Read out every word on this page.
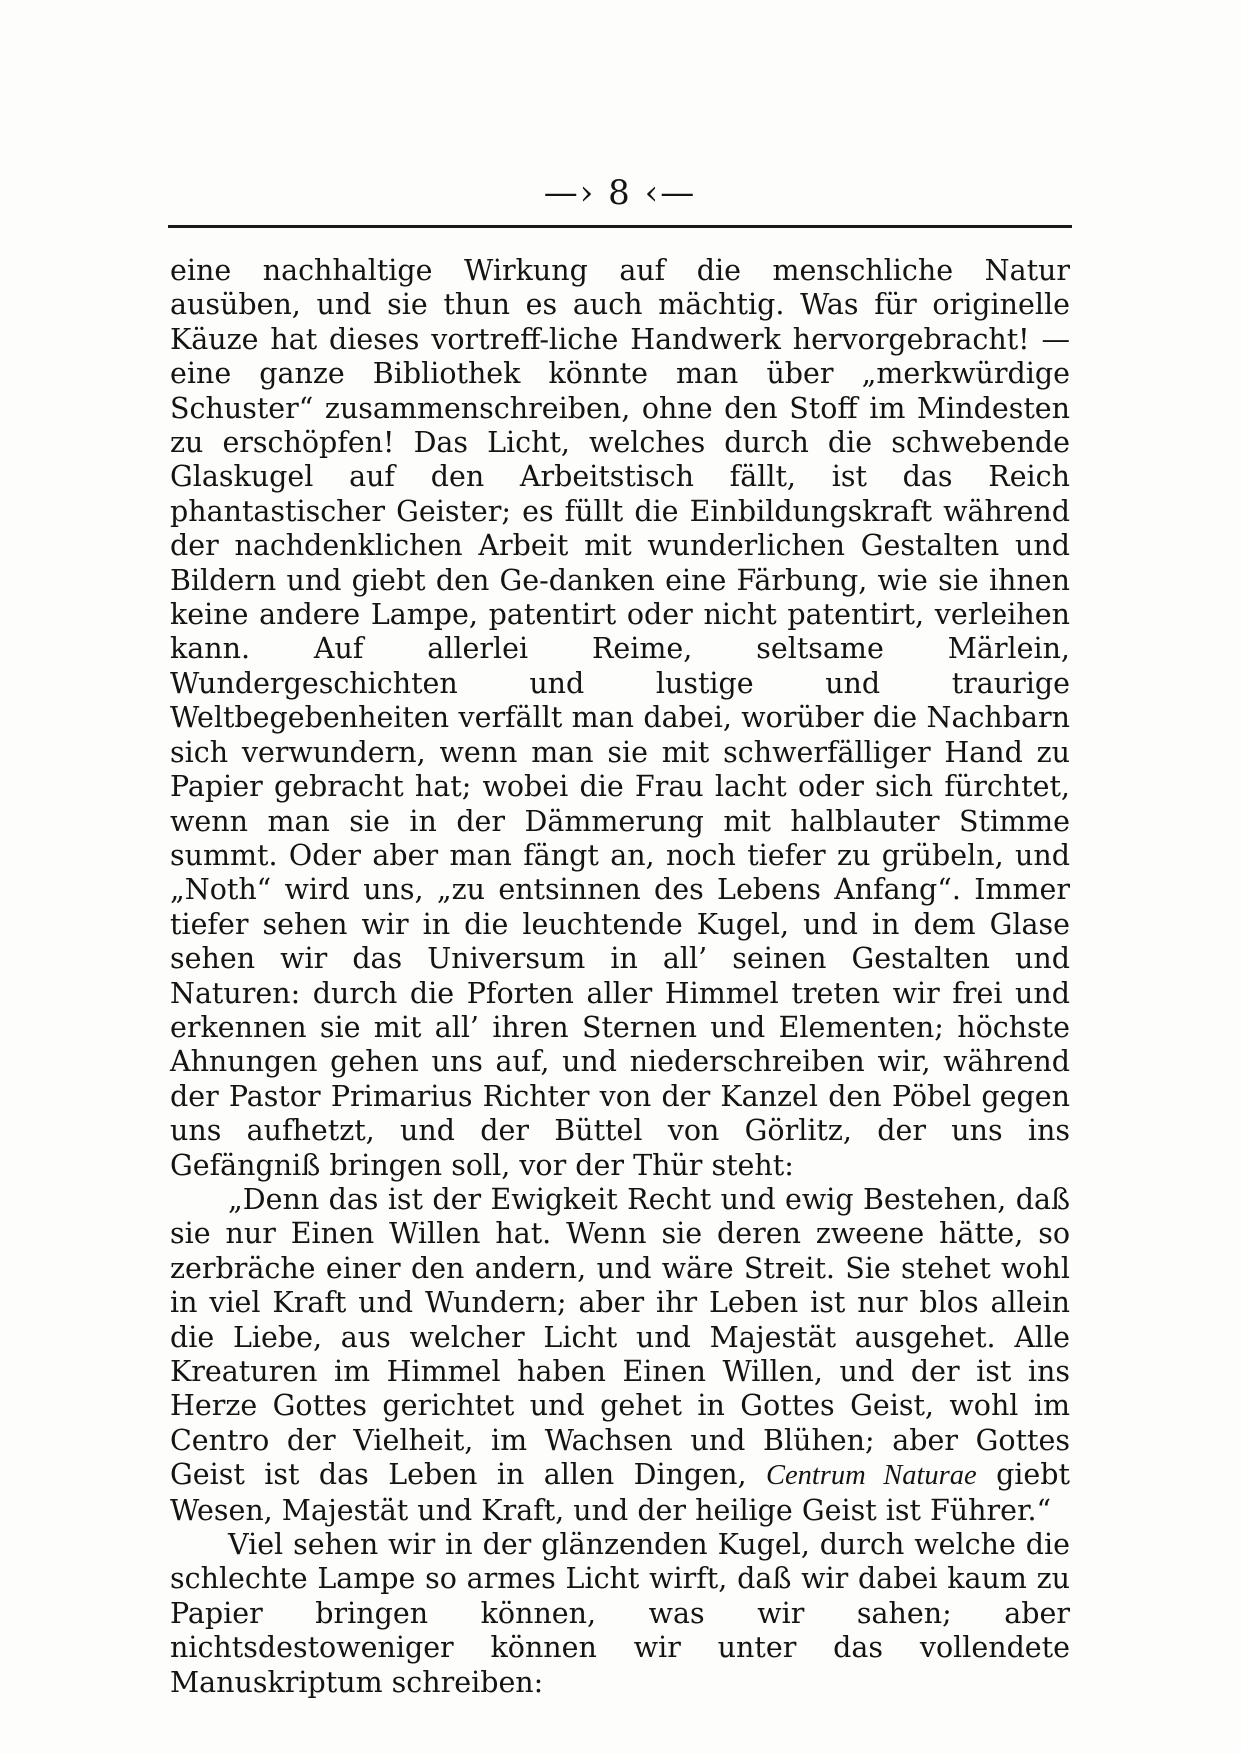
—› 8 ‹—

eine nachhaltige Wirkung auf die menschliche Natur ausüben, und sie thun es auch mächtig. Was für originelle Käuze hat dieses vortreff-liche Handwerk hervorgebracht! — eine ganze Bibliothek könnte man über „merkwürdige Schuster“ zusammenschreiben, ohne den Stoff im Mindesten zu erschöpfen! Das Licht, welches durch die schwebende Glaskugel auf den Arbeitstisch fällt, ist das Reich phantastischer Geister; es füllt die Einbildungskraft während der nachdenklichen Arbeit mit wunderlichen Gestalten und Bildern und giebt den Ge-danken eine Färbung, wie sie ihnen keine andere Lampe, patentirt oder nicht patentirt, verleihen kann. Auf allerlei Reime, seltsame Märlein, Wundergeschichten und lustige und traurige Weltbegebenheiten verfällt man dabei, worüber die Nachbarn sich verwundern, wenn man sie mit schwerfälliger Hand zu Papier gebracht hat; wobei die Frau lacht oder sich fürchtet, wenn man sie in der Dämmerung mit halblauter Stimme summt. Oder aber man fängt an, noch tiefer zu grübeln, und „Noth“ wird uns, „zu entsinnen des Lebens Anfang“. Immer tiefer sehen wir in die leuchtende Kugel, und in dem Glase sehen wir das Universum in all’ seinen Gestalten und Naturen: durch die Pforten aller Himmel treten wir frei und erkennen sie mit all’ ihren Sternen und Elementen; höchste Ahnungen gehen uns auf, und niederschreiben wir, während der Pastor Primarius Richter von der Kanzel den Pöbel gegen uns aufhetzt, und der Büttel von Görlitz, der uns ins Gefängniß bringen soll, vor der Thür steht:

„Denn das ist der Ewigkeit Recht und ewig Bestehen, daß sie nur Einen Willen hat. Wenn sie deren zweene hätte, so zerbräche einer den andern, und wäre Streit. Sie stehet wohl in viel Kraft und Wundern; aber ihr Leben ist nur blos allein die Liebe, aus welcher Licht und Majestät ausgehet. Alle Kreaturen im Himmel haben Einen Willen, und der ist ins Herze Gottes gerichtet und gehet in Gottes Geist, wohl im Centro der Vielheit, im Wachsen und Blühen; aber Gottes Geist ist das Leben in allen Dingen, Centrum Naturae giebt Wesen, Majestät und Kraft, und der heilige Geist ist Führer.“

Viel sehen wir in der glänzenden Kugel, durch welche die schlechte Lampe so armes Licht wirft, daß wir dabei kaum zu Papier bringen können, was wir sahen; aber nichtsdestoweniger können wir unter das vollendete Manuskriptum schreiben:
